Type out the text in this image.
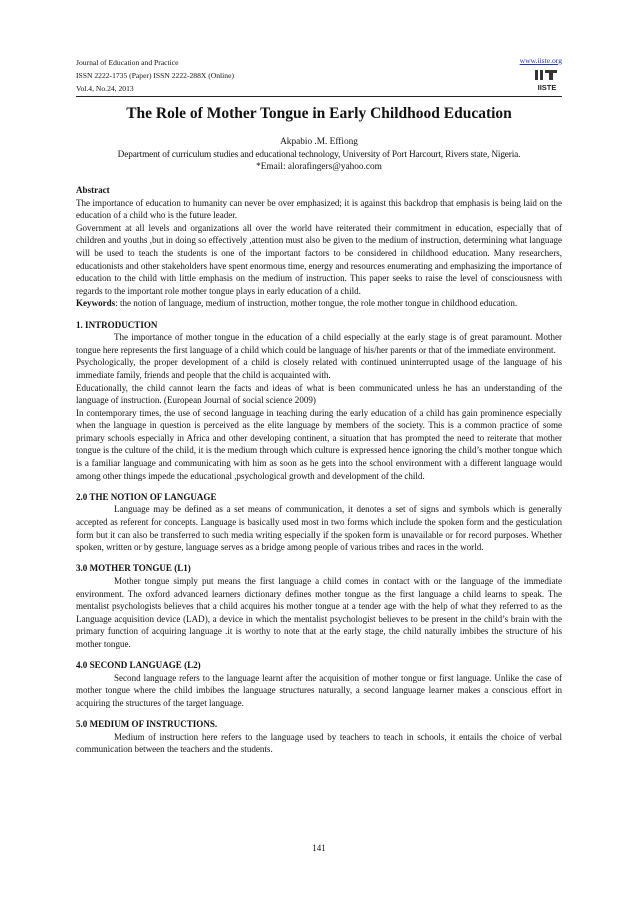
Journal of Education and Practice
ISSN 2222-1735 (Paper) ISSN 2222-288X (Online)
Vol.4, No.24, 2013
www.iiste.org
IISTE
The Role of Mother Tongue in Early Childhood Education
Akpabio .M. Effiong
Department of curriculum studies and educational technology, University of Port Harcourt, Rivers state, Nigeria.
*Email: alorafingers@yahoo.com

Abstract

The importance of education to humanity can never be over emphasized; it is against this backdrop that emphasis is being laid on the education of a child who is the future leader.

Government at all levels and organizations all over the world have reiterated their commitment in education, especially that of children and youths ,but in doing so effectively ,attention must also be given to the medium of instruction, determining what language will be used to teach the students is one of the important factors to be considered in childhood education. Many researchers, educationists and other stakeholders have spent enormous time, energy and resources enumerating and emphasizing the importance of education to the child with little emphasis on the medium of instruction. This paper seeks to raise the level of consciousness with regards to the important role mother tongue plays in early education of a child.

Keywords: the notion of language, medium of instruction, mother tongue, the role mother tongue in childhood education.

1. INTRODUCTION

The importance of mother tongue in the education of a child especially at the early stage is of great paramount. Mother tongue here represents the first language of a child which could be language of his/her parents or that of the immediate environment.

Psychologically, the proper development of a child is closely related with continued uninterrupted usage of the language of his immediate family, friends and people that the child is acquainted with.

Educationally, the child cannot learn the facts and ideas of what is been communicated unless he has an understanding of the language of instruction. (European Journal of social science 2009)

In contemporary times, the use of second language in teaching during the early education of a child has gain prominence especially when the language in question is perceived as the elite language by members of the society. This is a common practice of some primary schools especially in Africa and other developing continent, a situation that has prompted the need to reiterate that mother tongue is the culture of the child, it is the medium through which culture is expressed hence ignoring the child’s mother tongue which is a familiar language and communicating with him as soon as he gets into the school environment with a different language would among other things impede the educational ,psychological growth and development of the child.

2.0 THE NOTION OF LANGUAGE

Language may be defined as a set means of communication, it denotes a set of signs and symbols which is generally accepted as referent for concepts. Language is basically used most in two forms which include the spoken form and the gesticulation form but it can also be transferred to such media writing especially if the spoken form is unavailable or for record purposes. Whether spoken, written or by gesture, language serves as a bridge among people of various tribes and races in the world.

3.0 MOTHER TONGUE (L1)

Mother tongue simply put means the first language a child comes in contact with or the language of the immediate environment. The oxford advanced learners dictionary defines mother tongue as the first language a child learns to speak. The mentalist psychologists believes that a child acquires his mother tongue at a tender age with the help of what they referred to as the Language acquisition device (LAD), a device in which the mentalist psychologist believes to be present in the child’s brain with the primary function of acquiring language .it is worthy to note that at the early stage, the child naturally imbibes the structure of his mother tongue.

4.0 SECOND LANGUAGE (L2)

Second language refers to the language learnt after the acquisition of mother tongue or first language. Unlike the case of mother tongue where the child imbibes the language structures naturally, a second language learner makes a conscious effort in acquiring the structures of the target language.

5.0 MEDIUM OF INSTRUCTIONS.

Medium of instruction here refers to the language used by teachers to teach in schools, it entails the choice of verbal communication between the teachers and the students.

141
